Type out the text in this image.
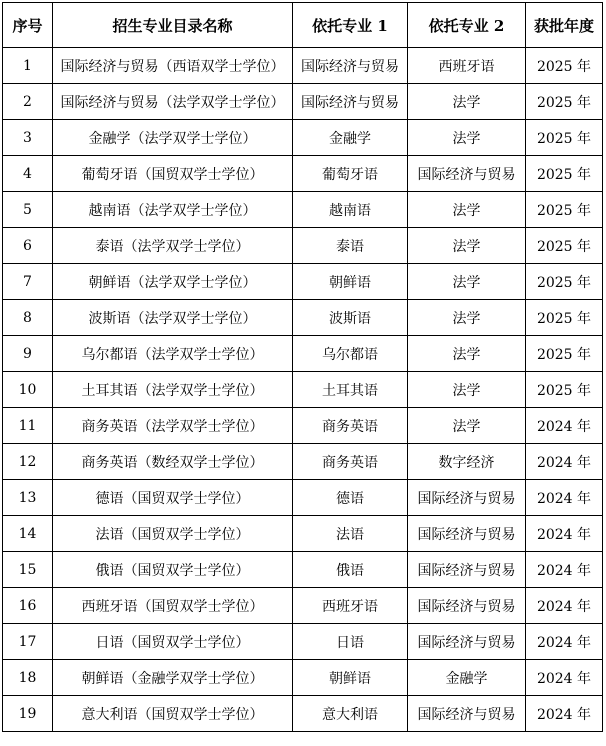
序号	招生专业目录名称	依托专业 1	依托专业 2	获批年度
1	国际经济与贸易（西语双学士学位）	国际经济与贸易	西班牙语	2025 年
2	国际经济与贸易（法学双学士学位）	国际经济与贸易	法学	2025 年
3	金融学（法学双学士学位）	金融学	法学	2025 年
4	葡萄牙语（国贸双学士学位）	葡萄牙语	国际经济与贸易	2025 年
5	越南语（法学双学士学位）	越南语	法学	2025 年
6	泰语（法学双学士学位）	泰语	法学	2025 年
7	朝鲜语（法学双学士学位）	朝鲜语	法学	2025 年
8	波斯语（法学双学士学位）	波斯语	法学	2025 年
9	乌尔都语（法学双学士学位）	乌尔都语	法学	2025 年
10	土耳其语（法学双学士学位）	土耳其语	法学	2025 年
11	商务英语（法学双学士学位）	商务英语	法学	2024 年
12	商务英语（数经双学士学位）	商务英语	数字经济	2024 年
13	德语（国贸双学士学位）	德语	国际经济与贸易	2024 年
14	法语（国贸双学士学位）	法语	国际经济与贸易	2024 年
15	俄语（国贸双学士学位）	俄语	国际经济与贸易	2024 年
16	西班牙语（国贸双学士学位）	西班牙语	国际经济与贸易	2024 年
17	日语（国贸双学士学位）	日语	国际经济与贸易	2024 年
18	朝鲜语（金融学双学士学位）	朝鲜语	金融学	2024 年
19	意大利语（国贸双学士学位）	意大利语	国际经济与贸易	2024 年
